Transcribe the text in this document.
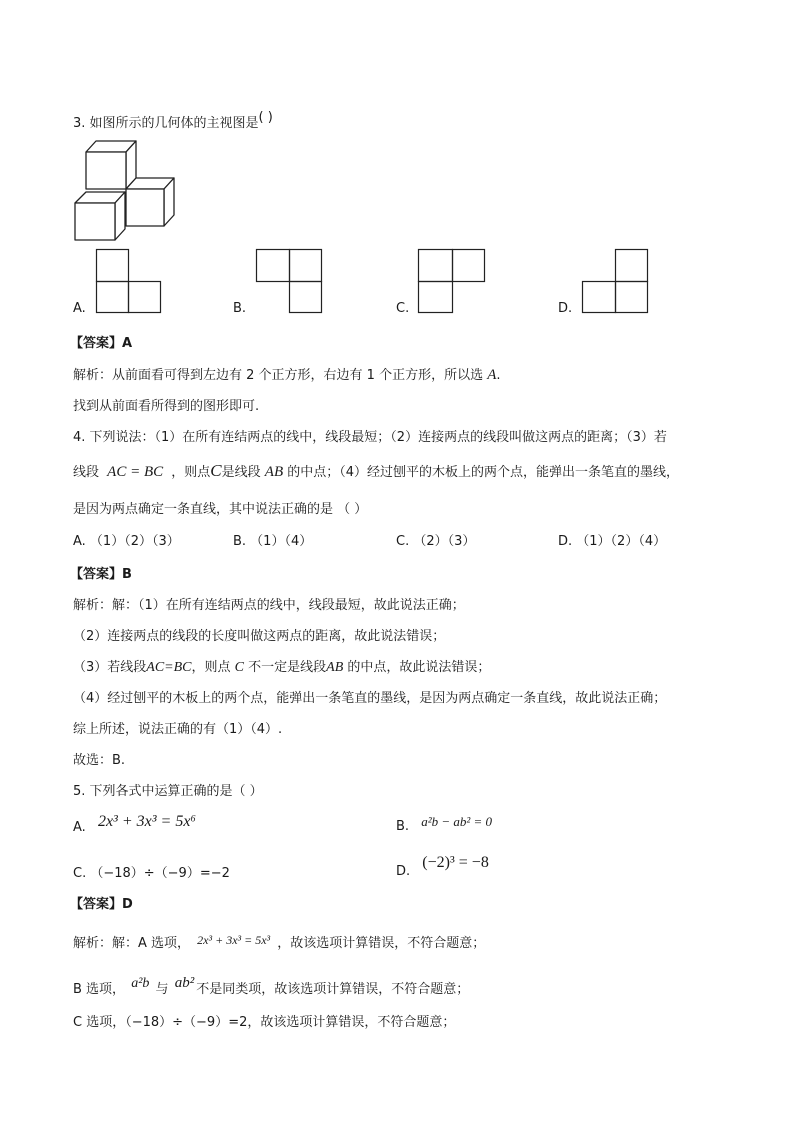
3. 如图所示的几何体的主视图是( )
A.	B.	C.	D.
【答案】A
解析：从前面看可得到左边有 2 个正方形，右边有 1 个正方形，所以选 A.
找到从前面看所得到的图形即可.
4. 下列说法：（1）在所有连结两点的线中，线段最短；（2）连接两点的线段叫做这两点的距离；（3）若
线段 AC = BC ，则点C是线段 AB 的中点；（4）经过刨平的木板上的两个点，能弹出一条笔直的墨线，
是因为两点确定一条直线，其中说法正确的是 （ ）
A. （1）（2）（3）	B. （1）（4）	C. （2）（3）	D. （1）（2）（4）
【答案】B
解析：解：（1）在所有连结两点的线中，线段最短，故此说法正确；
（2）连接两点的线段的长度叫做这两点的距离，故此说法错误；
（3）若线段AC=BC，则点 C 不一定是线段AB 的中点，故此说法错误；
（4）经过刨平的木板上的两个点，能弹出一条笔直的墨线，是因为两点确定一条直线，故此说法正确；
综上所述，说法正确的有（1）（4）.
故选：B.
5. 下列各式中运算正确的是（ ）
A. 2x³ + 3x³ = 5x⁶	B. a²b − ab² = 0
C. （−18）÷（−9）=−2	D. (−2)³ = −8
【答案】D
解析：解：A 选项， 2x³ + 3x³ = 5x³ ，故该选项计算错误，不符合题意；
B 选项， a²b 与 ab² 不是同类项，故该选项计算错误，不符合题意；
C 选项，（−18）÷（−9）=2，故该选项计算错误，不符合题意；
